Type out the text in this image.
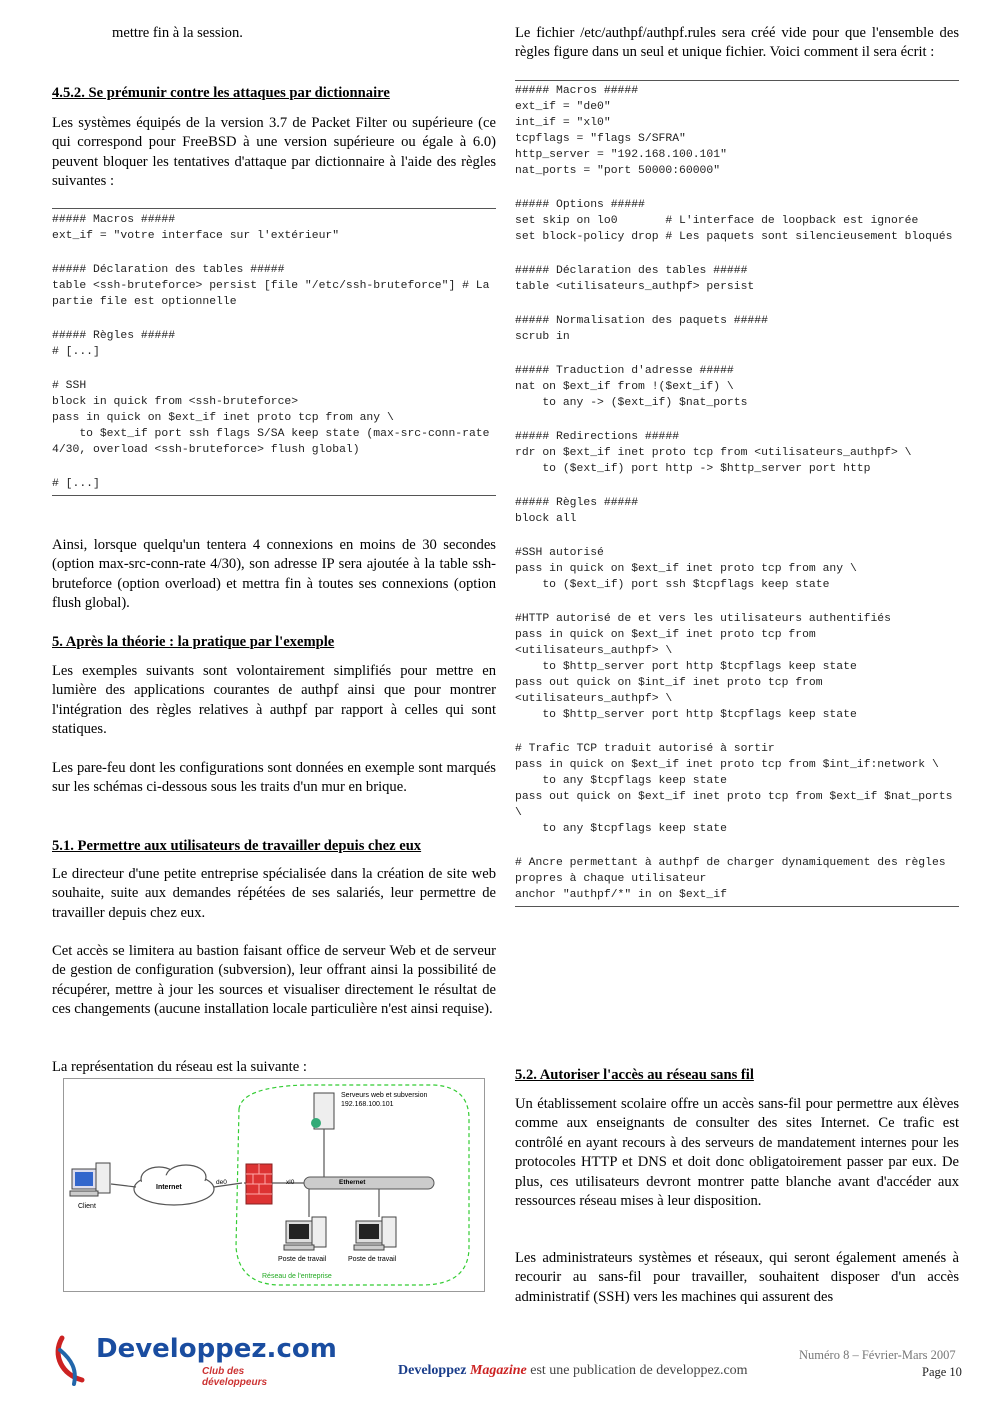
mettre fin à la session.

4.5.2. Se prémunir contre les attaques par dictionnaire

Les systèmes équipés de la version 3.7 de Packet Filter ou supérieure (ce qui correspond pour FreeBSD à une version supérieure ou égale à 6.0) peuvent bloquer les tentatives d'attaque par dictionnaire à l'aide des règles suivantes :

##### Macros #####
ext_if = "votre interface sur l'extérieur"
##### Déclaration des tables #####
table <ssh-bruteforce> persist [file "/etc/ssh-bruteforce"] # La partie file est optionnelle
##### Règles #####
# [...]
# SSH
block in quick from <ssh-bruteforce>
pass in quick on $ext_if inet proto tcp from any \
to $ext_if port ssh flags S/SA keep state (max-src-conn-rate 4/30, overload <ssh-bruteforce> flush global)
# [...]

Ainsi, lorsque quelqu'un tentera 4 connexions en moins de 30 secondes (option max-src-conn-rate 4/30), son adresse IP sera ajoutée à la table ssh-bruteforce (option overload) et mettra fin à toutes ses connexions (option flush global).

5. Après la théorie : la pratique par l'exemple

Les exemples suivants sont volontairement simplifiés pour mettre en lumière des applications courantes de authpf ainsi que pour montrer l'intégration des règles relatives à authpf par rapport à celles qui sont statiques.

Les pare-feu dont les configurations sont données en exemple sont marqués sur les schémas ci-dessous sous les traits d'un mur en brique.

5.1. Permettre aux utilisateurs de travailler depuis chez eux

Le directeur d'une petite entreprise spécialisée dans la création de site web souhaite, suite aux demandes répétées de ses salariés, leur permettre de travailler depuis chez eux.

Cet accès se limitera au bastion faisant office de serveur Web et de serveur de gestion de configuration (subversion), leur offrant ainsi la possibilité de récupérer, mettre à jour les sources et visualiser directement le résultat de ces changements (aucune installation locale particulière n'est ainsi requise).

La représentation du réseau est la suivante :

Serveurs web et subversion
192.168.100.101
Internet
Client
de0	xl0	Ethernet
Poste de travail	Poste de travail
Réseau de l'entreprise

Le fichier /etc/authpf/authpf.rules sera créé vide pour que l'ensemble des règles figure dans un seul et unique fichier. Voici comment il sera écrit :

##### Macros #####
ext_if = "de0"
int_if = "xl0"
tcpflags = "flags S/SFRA"
http_server = "192.168.100.101"
nat_ports = "port 50000:60000"
##### Options #####
set skip on lo0       # L'interface de loopback est ignorée
set block-policy drop # Les paquets sont silencieusement bloqués
##### Déclaration des tables #####
table <utilisateurs_authpf> persist
##### Normalisation des paquets #####
scrub in
##### Traduction d'adresse #####
nat on $ext_if from !($ext_if) \
to any -> ($ext_if) $nat_ports
##### Redirections #####
rdr on $ext_if inet proto tcp from <utilisateurs_authpf> \
to ($ext_if) port http -> $http_server port http
##### Règles #####
block all
#SSH autorisé
pass in quick on $ext_if inet proto tcp from any \
to ($ext_if) port ssh $tcpflags keep state
#HTTP autorisé de et vers les utilisateurs authentifiés
pass in quick on $ext_if inet proto tcp from <utilisateurs_authpf> \
to $http_server port http $tcpflags keep state
pass out quick on $int_if inet proto tcp from <utilisateurs_authpf> \
to $http_server port http $tcpflags keep state
# Trafic TCP traduit autorisé à sortir
pass in quick on $ext_if inet proto tcp from $int_if:network \
to any $tcpflags keep state
pass out quick on $ext_if inet proto tcp from $ext_if $nat_ports \
to any $tcpflags keep state
# Ancre permettant à authpf de charger dynamiquement des règles propres à chaque utilisateur
anchor "authpf/*" in on $ext_if
5.2. Autoriser l'accès au réseau sans fil

Un établissement scolaire offre un accès sans-fil pour permettre aux élèves comme aux enseignants de consulter des sites Internet. Ce trafic est contrôlé en ayant recours à des serveurs de mandatement internes pour les protocoles HTTP et DNS et doit donc obligatoirement passer par eux. De plus, ces utilisateurs devront montrer patte blanche avant d'accéder aux ressources réseau mises à leur disposition.

Les administrateurs systèmes et réseaux, qui seront également amenés à recourir au sans-fil pour travailler, souhaitent disposer d'un accès administratif (SSH) vers les machines qui assurent des

Developpez.com
Club des développeurs
Numéro 8 – Février-Mars 2007
Developpez Magazine est une publication de developpez.com	Page 10
